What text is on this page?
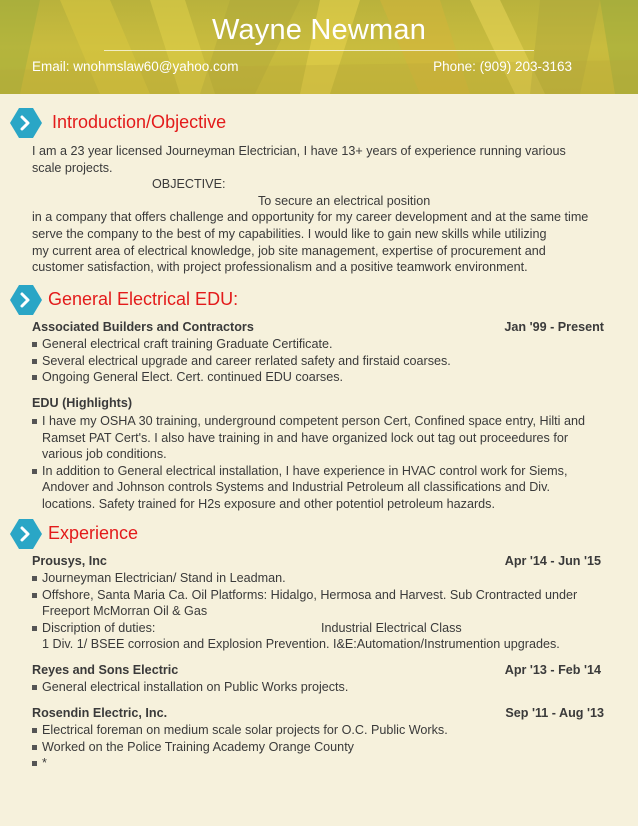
Wayne Newman
Email: wnohmslaw60@yahoo.com	Phone: (909) 203-3163
Introduction/Objective
I am a 23 year licensed Journeyman Electrician, I have 13+ years of experience running various
scale projects.
OBJECTIVE:
To secure an electrical position
in a company that offers challenge and opportunity for my career development and at the same time
serve the company to the best of my capabilities. I would like to gain new skills while utilizing
my current area of electrical knowledge, job site management, expertise of procurement and
customer satisfaction, with project professionalism and a positive teamwork environment.
General Electrical EDU:
Associated Builders and Contractors	Jan '99 - Present
General electrical craft training Graduate Certificate.
Several electrical upgrade and career rerlated safety and firstaid coarses.
Ongoing General Elect. Cert. continued EDU coarses.
EDU (Highlights)
I have my OSHA 30 training, underground competent person Cert, Confined space entry, Hilti and
Ramset PAT Cert's. I also have training in and have organized lock out tag out proceedures for
various job conditions.
In addition to General electrical installation, I have experience in HVAC control work for Siems,
Andover and Johnson controls Systems and Industrial Petroleum all classifications and Div.
locations. Safety trained for H2s exposure and other potentiol petroleum hazards.
Experience
Prousys, Inc	Apr '14 - Jun '15
Journeyman Electrician/ Stand in Leadman.
Offshore, Santa Maria Ca. Oil Platforms: Hidalgo, Hermosa and Harvest. Sub Crontracted under
Freeport McMorran Oil & Gas
Discription of duties:	Industrial Electrical Class
1 Div. 1/ BSEE corrosion and Explosion Prevention. I&E:Automation/Instrumention upgrades.
Reyes and Sons Electric	Apr '13 - Feb '14
General electrical installation on Public Works projects.
Rosendin Electric, Inc.	Sep '11 - Aug '13
Electrical foreman on medium scale solar projects for O.C. Public Works.
Worked on the Police Training Academy Orange County
*
